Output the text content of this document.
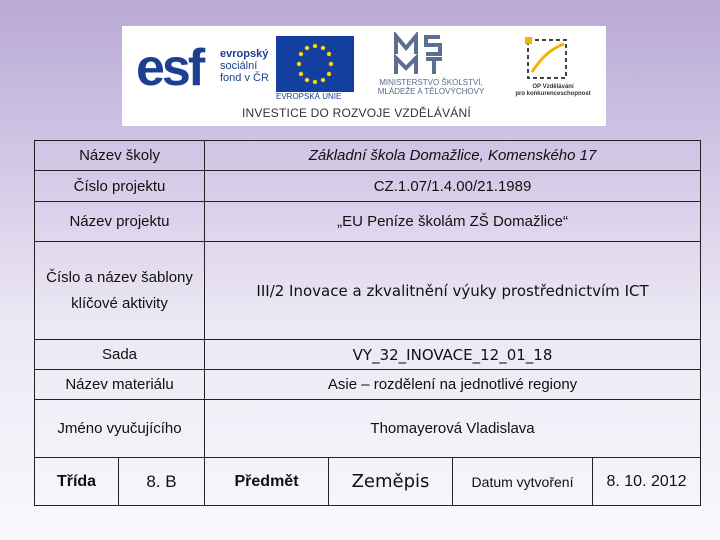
esf evropský
sociální
fond v ČR
EVROPSKÁ UNIE
MINISTERSTVO ŠKOLSTVÍ,
MLÁDEŽE A TĚLOVÝCHOVY	OP Vzdělávání
pro konkurenceschopnost
INVESTICE DO ROZVOJE VZDĚLÁVÁNÍ
Název školy		Základní škola Domažlice, Komenského 17			
Číslo projektu		CZ.1.07/1.4.00/21.1989			
Název projektu		„EU Peníze školám ZŠ Domažlice“			
Číslo a název šablony klíčové aktivity		III/2 Inovace a zkvalitnění výuky prostřednictvím ICT			
Sada		VY_32_INOVACE_12_01_18			
Název materiálu		Asie – rozdělení na jednotlivé regiony			
Jméno vyučujícího		Thomayerová Vladislava			
Třída	8. B	Předmět	Zeměpis	Datum vytvoření	8. 10. 2012
